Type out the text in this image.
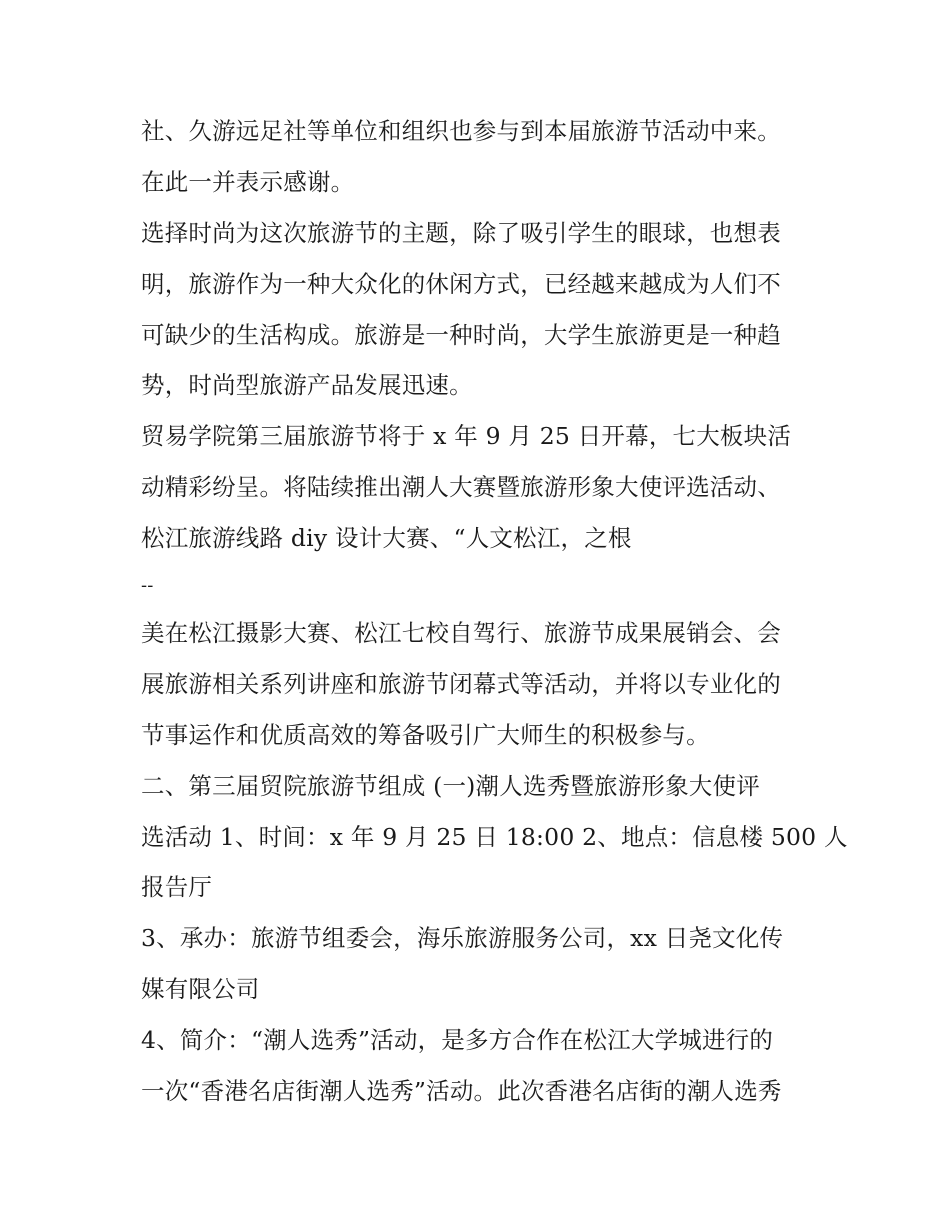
社、久游远足社等单位和组织也参与到本届旅游节活动中来。
在此一并表示感谢。
选择时尚为这次旅游节的主题，除了吸引学生的眼球，也想表
明，旅游作为一种大众化的休闲方式，已经越来越成为人们不
可缺少的生活构成。旅游是一种时尚，大学生旅游更是一种趋
势，时尚型旅游产品发展迅速。
贸易学院第三届旅游节将于 x 年 9 月 25 日开幕，七大板块活
动精彩纷呈。将陆续推出潮人大赛暨旅游形象大使评选活动、
松江旅游线路 diy 设计大赛、“人文松江，之根
--
美在松江摄影大赛、松江七校自驾行、旅游节成果展销会、会
展旅游相关系列讲座和旅游节闭幕式等活动，并将以专业化的
节事运作和优质高效的筹备吸引广大师生的积极参与。
二、第三届贸院旅游节组成 (一)潮人选秀暨旅游形象大使评
选活动 1、时间：x 年 9 月 25 日 18:00 2、地点：信息楼 500 人
报告厅
3、承办：旅游节组委会，海乐旅游服务公司，xx 日尧文化传
媒有限公司
4、简介：“潮人选秀”活动，是多方合作在松江大学城进行的
一次“香港名店街潮人选秀”活动。此次香港名店街的潮人选秀
